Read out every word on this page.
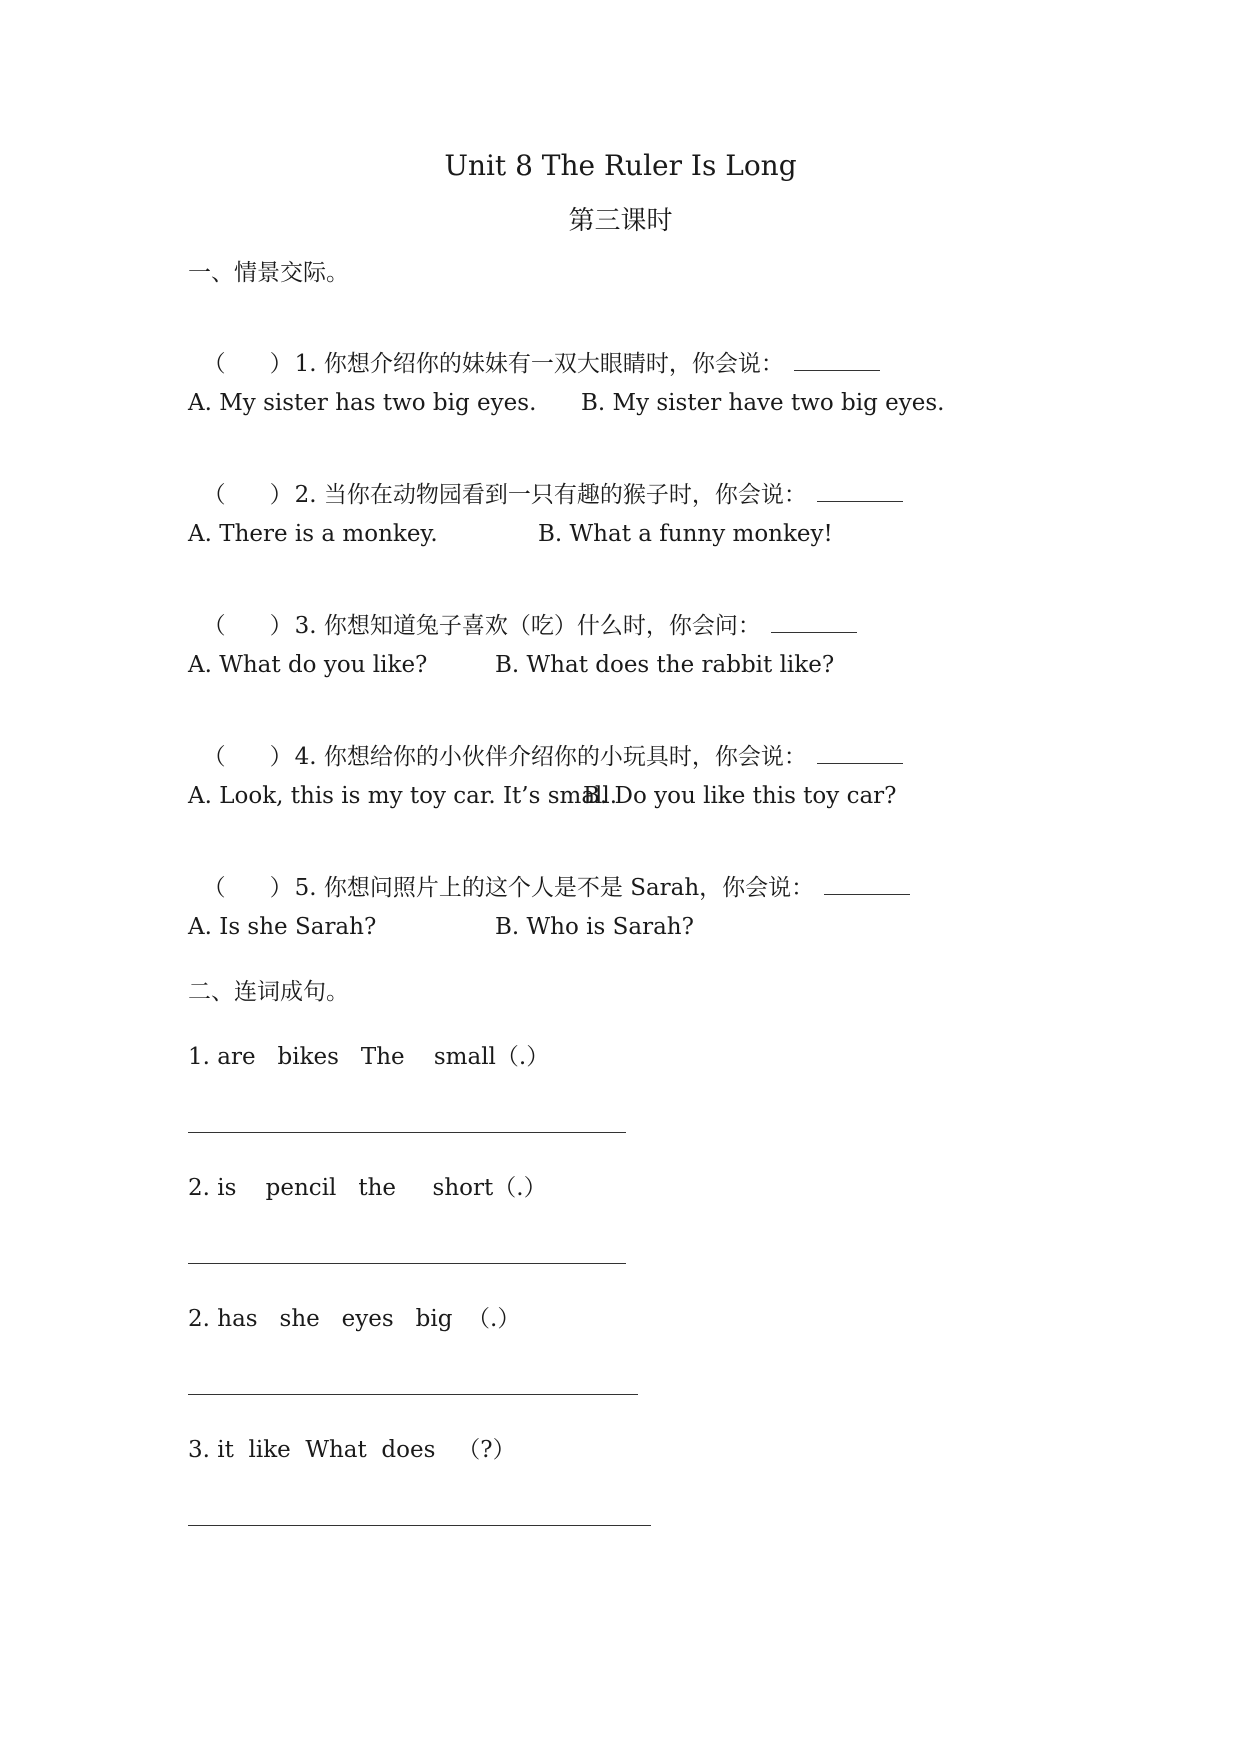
Unit 8 The Ruler Is Long
第三课时
一、情景交际。

（ ）1. 你想介绍你的妹妹有一双大眼睛时，你会说：

A. My sister has two big eyes. B. My sister have two big eyes.

（ ）2. 当你在动物园看到一只有趣的猴子时，你会说：

A. There is a monkey.	B. What a funny monkey!

（ ）3. 你想知道兔子喜欢（吃）什么时，你会问：

A. What do you like?	B. What does the rabbit like?

（ ）4. 你想给你的小伙伴介绍你的小玩具时，你会说：

A. Look, this is my toy car. It’s small.
B. Do you like this toy car?

（ ）5. 你想问照片上的这个人是不是 Sarah，你会说：

A. Is she Sarah?	B. Who is Sarah?
二、连词成句。
1. are   bikes   The    small（.）
2. is    pencil   the     short（.）
2. has   she   eyes   big  （.）
3. it  like  What  does   （?）
